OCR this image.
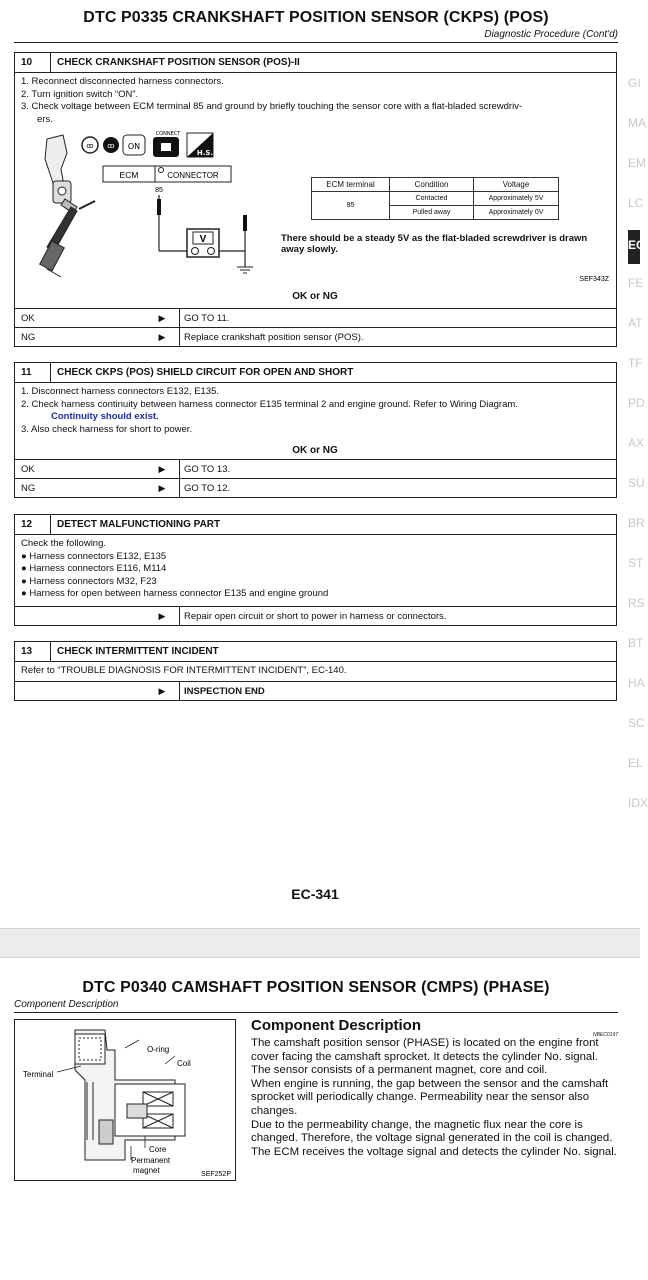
DTC P0335 CRANKSHAFT POSITION SENSOR (CKPS) (POS)
Diagnostic Procedure (Cont'd)
10	CHECK CRANKSHAFT POSITION SENSOR (POS)-II
1. Reconnect disconnected harness connectors.
2. Turn ignition switch “ON”.
3. Check voltage between ECM terminal 85 and ground by briefly touching the sensor core with a flat-bladed screwdriv-
ers.
ꝏ ꝏ ON
H.S.
CONNECT
ECM	CONNECTOR
85
V
SEF343Z
ECM terminal	Condition	Voltage
85	Contacted	Approximately 5V
	Pulled away	Approximately 0V
There should be a steady 5V as the flat-bladed screwdriver is drawn away slowly.
OK or NG
OK	▶	GO TO 11.
NG	▶	Replace crankshaft position sensor (POS).
11	CHECK CKPS (POS) SHIELD CIRCUIT FOR OPEN AND SHORT
1. Disconnect harness connectors E132, E135.
2. Check harness continuity between harness connector E135 terminal 2 and engine ground. Refer to Wiring Diagram.
Continuity should exist.
3. Also check harness for short to power.
OK or NG
OK	▶	GO TO 13.
NG	▶	GO TO 12.
12	DETECT MALFUNCTIONING PART
Check the following.
● Harness connectors E132, E135
● Harness connectors E116, M114
● Harness connectors M32, F23
● Harness for open between harness connector E135 and engine ground
▶	Repair open circuit or short to power in harness or connectors.
13	CHECK INTERMITTENT INCIDENT
Refer to “TROUBLE DIAGNOSIS FOR INTERMITTENT INCIDENT”, EC-140.
▶	INSPECTION END
GI
MA
EM
LC
EC
FE
AT
TF
PD
AX
SU
BR
ST
RS
BT
HA
SC
EL
IDX
EC-341
DTC P0340 CAMSHAFT POSITION SENSOR (CMPS) (PHASE)
Component Description
O-ring
Coil
Terminal
Core
Permanent
magnet	SEF252P
Component Description
NBEC0197
The camshaft position sensor (PHASE) is located on the engine front cover facing the camshaft sprocket. It detects the cylinder No. signal.
The sensor consists of a permanent magnet, core and coil.
When engine is running, the gap between the sensor and the camshaft sprocket will periodically change. Permeability near the sensor also changes.
Due to the permeability change, the magnetic flux near the core is changed. Therefore, the voltage signal generated in the coil is changed.
The ECM receives the voltage signal and detects the cylinder No. signal.
